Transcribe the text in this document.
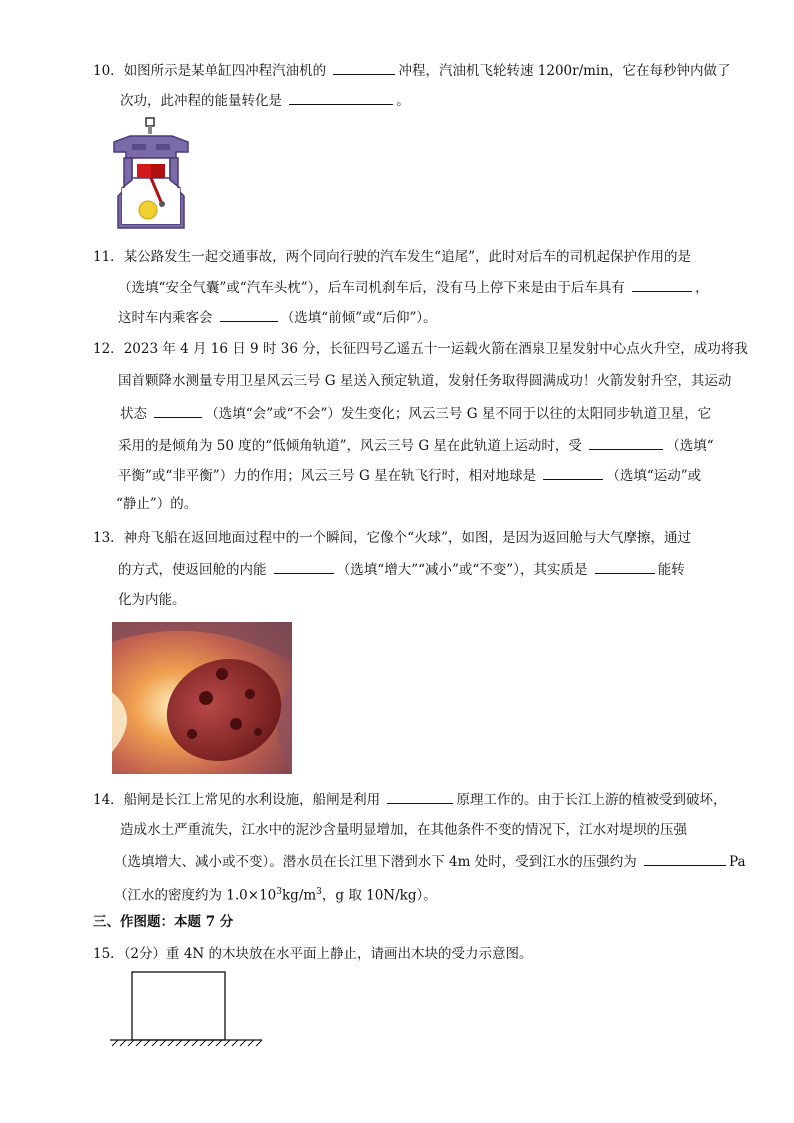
10．如图所示是某单缸四冲程汽油机的	冲程，汽油机飞轮转速 1200r/min，它在每秒钟内做了
次功，此冲程的能量转化是	。
11．某公路发生一起交通事故，两个同向行驶的汽车发生“追尾”，此时对后车的司机起保护作用的是
（选填“安全气囊”或“汽车头枕”），后车司机刹车后，没有马上停下来是由于后车具有	，
这时车内乘客会	（选填“前倾”或“后仰”）。
12．2023 年 4 月 16 日 9 时 36 分，长征四号乙遥五十一运载火箭在酒泉卫星发射中心点火升空，成功将我
国首颗降水测量专用卫星风云三号 G 星送入预定轨道，发射任务取得圆满成功！火箭发射升空，其运动
状态	（选填“会”或“不会”）发生变化；风云三号 G 星不同于以往的太阳同步轨道卫星，它
采用的是倾角为 50 度的“低倾角轨道”，风云三号 G 星在此轨道上运动时，受	（选填“
平衡”或“非平衡”）力的作用；风云三号 G 星在轨飞行时，相对地球是	（选填“运动”或
“静止”）的。
13．神舟飞船在返回地面过程中的一个瞬间，它像个“火球”，如图，是因为返回舱与大气摩擦，通过
的方式，使返回舱的内能	（选填“增大”“减小”或“不变”），其实质是	能转
化为内能。
14．船闸是长江上常见的水利设施，船闸是利用	原理工作的。由于长江上游的植被受到破坏，
造成水土严重流失，江水中的泥沙含量明显增加，在其他条件不变的情况下，江水对堤坝的压强
（选填增大、减小或不变）。潜水员在长江里下潜到水下 4m 处时，受到江水的压强约为	Pa
（江水的密度约为 $1.0\times 10^3kg/m^3$，g 取 10N/kg）。
三、作图题：本题 7 分
15．（2分）重 4N 的木块放在水平面上静止，请画出木块的受力示意图。
